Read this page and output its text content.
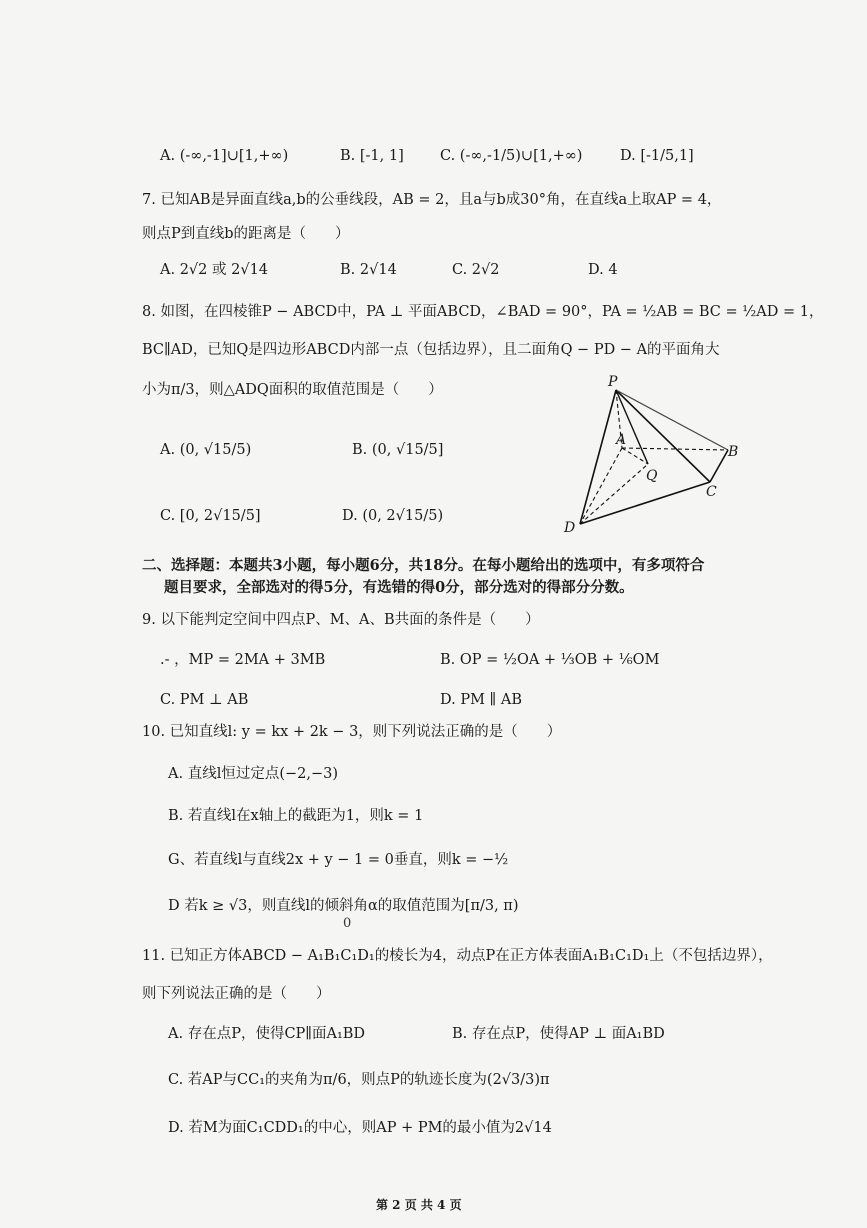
A. (-∞,-1]∪[1,+∞)	B. [-1, 1] C. (-∞,-1/5)∪[1,+∞)	D. [-1/5,1]
7. 已知AB是异面直线a,b的公垂线段，AB = 2，且a与b成30°角，在直线a上取AP = 4，
则点P到直线b的距离是（　　）
A. 2√2 或 2√14	B. 2√14	C. 2√2	D. 4
8. 如图，在四棱锥P − ABCD中，PA ⊥ 平面ABCD，∠BAD = 90°，PA = ½AB = BC = ½AD = 1，
BC∥AD，已知Q是四边形ABCD内部一点（包括边界），且二面角Q − PD − A的平面角大
小为π/3，则△ADQ面积的取值范围是（　　）
A. (0, √15/5)	B. (0, √15/5]
C. [0, 2√15/5]	D. (0, 2√15/5)
P
A
Q
B
C
D
二、选择题：本题共3小题，每小题6分，共18分。在每小题给出的选项中，有多项符合
题目要求，全部选对的得5分，有选错的得0分，部分选对的得部分分数。
9. 以下能判定空间中四点P、M、A、B共面的条件是（　　）
.- ，MP = 2MA + 3MB	B. OP = ½OA + ⅓OB + ⅙OM
C. PM ⊥ AB	D. PM ∥ AB
10. 已知直线l: y = kx + 2k − 3，则下列说法正确的是（　　）
A. 直线l恒过定点(−2,−3)
B. 若直线l在x轴上的截距为1，则k = 1
G、若直线l与直线2x + y − 1 = 0垂直，则k = −½
D 若k ≥ √3，则直线l的倾斜角α的取值范围为[π/3, π)
0
11. 已知正方体ABCD − A₁B₁C₁D₁的棱长为4，动点P在正方体表面A₁B₁C₁D₁上（不包括边界），
则下列说法正确的是（　　）
A. 存在点P，使得CP∥面A₁BD	B. 存在点P，使得AP ⊥ 面A₁BD
C. 若AP与CC₁的夹角为π/6，则点P的轨迹长度为(2√3/3)π
D. 若M为面C₁CDD₁的中心，则AP + PM的最小值为2√14
第 2 页 共 4 页
